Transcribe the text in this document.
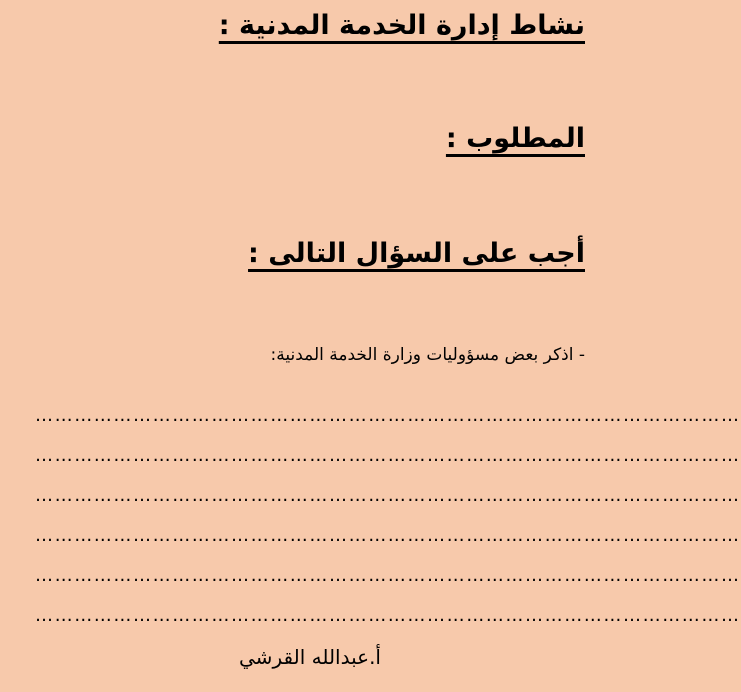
نشاط إدارة الخدمة المدنية :
المطلوب :
أجب على السؤال التالى :
- اذكر بعض مسؤوليات وزارة الخدمة المدنية:
………………………………………………………………………………………………
………………………………………………………………………………………………
………………………………………………………………………………………………
………………………………………………………………………………………………
………………………………………………………………………………………………
………………………………………………………………………………………………
أ.عبدالله القرشي
